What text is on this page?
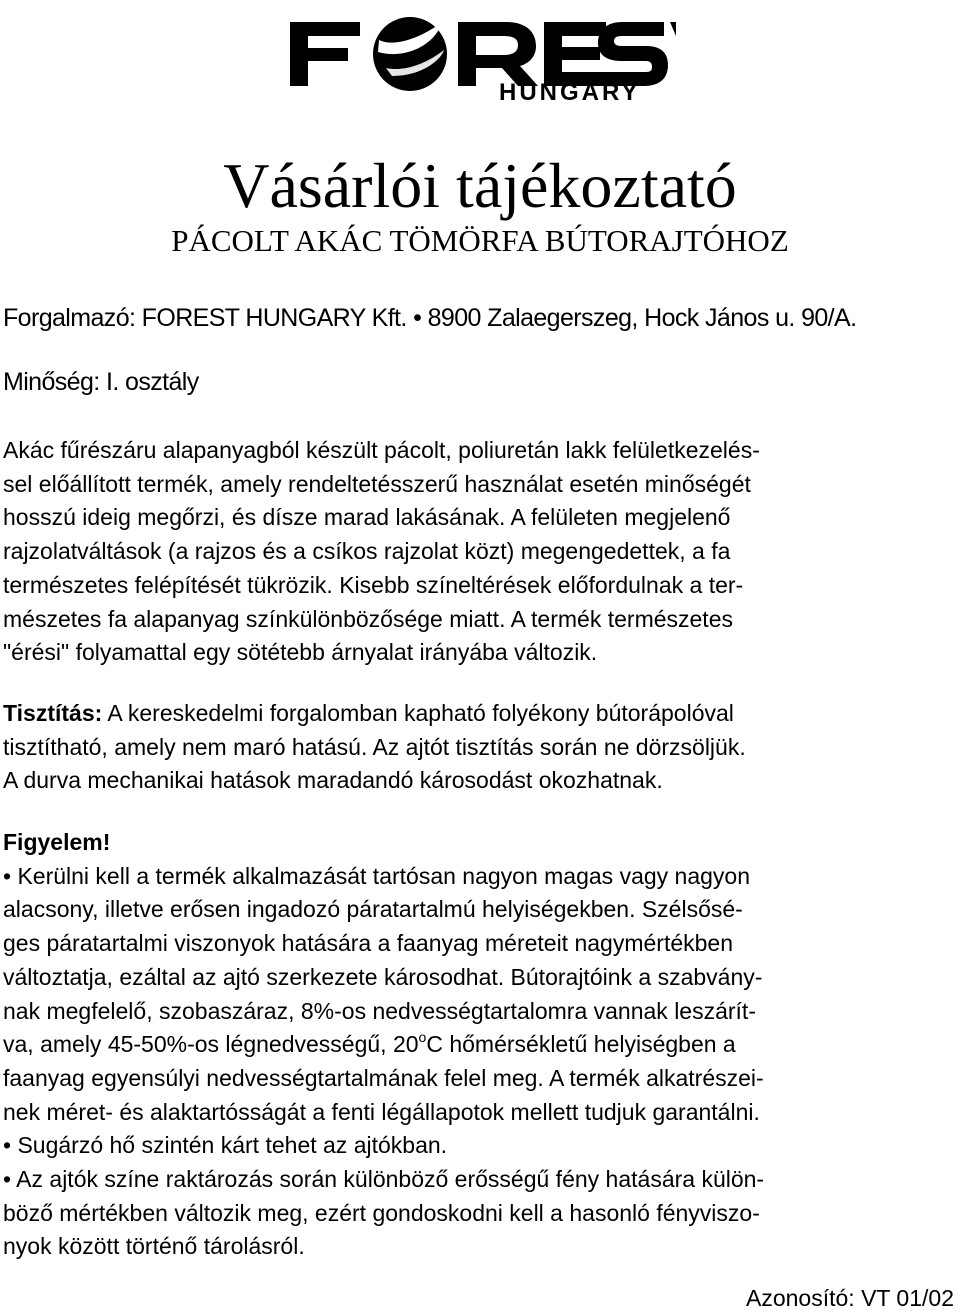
HUNGARY
Vásárlói tájékoztató
PÁCOLT AKÁC TÖMÖRFA BÚTORAJTÓHOZ

Forgalmazó: FOREST HUNGARY Kft. • 8900 Zalaegerszeg, Hock János u. 90/A.

Minőség: I. osztály

Akác fűrészáru alapanyagból készült pácolt, poliuretán lakk felületkezelés-
sel előállított termék, amely rendeltetésszerű használat esetén minőségét
hosszú ideig megőrzi, és dísze marad lakásának. A felületen megjelenő
rajzolatváltások (a rajzos és a csíkos rajzolat közt) megengedettek, a fa
természetes felépítését tükrözik. Kisebb színeltérések előfordulnak a ter-
mészetes fa alapanyag színkülönbözősége miatt. A termék természetes
"érési" folyamattal egy sötétebb árnyalat irányába változik.
Tisztítás: A kereskedelmi forgalomban kapható folyékony bútorápolóval
tisztítható, amely nem maró hatású. Az ajtót tisztítás során ne dörzsöljük.
A durva mechanikai hatások maradandó károsodást okozhatnak.
Figyelem!
• Kerülni kell a termék alkalmazását tartósan nagyon magas vagy nagyon
alacsony, illetve erősen ingadozó páratartalmú helyiségekben. Szélsősé-
ges páratartalmi viszonyok hatására a faanyag méreteit nagymértékben
változtatja, ezáltal az ajtó szerkezete károsodhat. Bútorajtóink a szabvány-
nak megfelelő, szobaszáraz, 8%-os nedvességtartalomra vannak leszárít-
va, amely 45-50%-os légnedvességű, 20$^o$C hőmérsékletű helyiségben a
faanyag egyensúlyi nedvességtartalmának felel meg. A termék alkatrészei-
nek méret- és alaktartósságát a fenti légállapotok mellett tudjuk garantálni.
• Sugárzó hő szintén kárt tehet az ajtókban.
• Az ajtók színe raktározás során különböző erősségű fény hatására külön-
böző mértékben változik meg, ezért gondoskodni kell a hasonló fényviszo-
nyok között történő tárolásról.

Azonosító: VT 01/02
